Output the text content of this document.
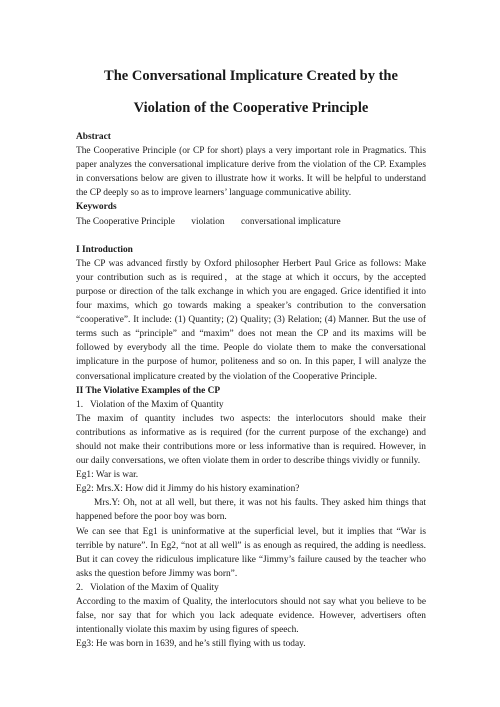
The Conversational Implicature Created by the
Violation of the Cooperative Principle
Abstract

The Cooperative Principle (or CP for short) plays a very important role in Pragmatics. This paper analyzes the conversational implicature derive from the violation of the CP. Examples in conversations below are given to illustrate how it works. It will be helpful to understand the CP deeply so as to improve learners’ language communicative ability.

Keywords
The Cooperative Principle violation conversational implicature
I Introduction

The CP was advanced firstly by Oxford philosopher Herbert Paul Grice as follows: Make your contribution such as is required，at the stage at which it occurs, by the accepted purpose or direction of the talk exchange in which you are engaged. Grice identified it into four maxims, which go towards making a speaker’s contribution to the conversation “cooperative”. It include: (1) Quantity; (2) Quality; (3) Relation; (4) Manner. But the use of terms such as “principle” and “maxim” does not mean the CP and its maxims will be followed by everybody all the time. People do violate them to make the conversational implicature in the purpose of humor, politeness and so on. In this paper, I will analyze the conversational implicature created by the violation of the Cooperative Principle.

II The Violative Examples of the CP
1. Violation of the Maxim of Quantity

The maxim of quantity includes two aspects: the interlocutors should make their contributions as informative as is required (for the current purpose of the exchange) and should not make their contributions more or less informative than is required. However, in our daily conversations, we often violate them in order to describe things vividly or funnily.

Eg1: War is war.
Eg2: Mrs.X: How did it Jimmy do his history examination?

Mrs.Y: Oh, not at all well, but there, it was not his faults. They asked him things that happened before the poor boy was born.

We can see that Eg1 is uninformative at the superficial level, but it implies that “War is terrible by nature”. In Eg2, “not at all well” is as enough as required, the adding is needless. But it can covey the ridiculous implicature like “Jimmy’s failure caused by the teacher who asks the question before Jimmy was born”.

2. Violation of the Maxim of Quality

According to the maxim of Quality, the interlocutors should not say what you believe to be false, nor say that for which you lack adequate evidence. However, advertisers often intentionally violate this maxim by using figures of speech.

Eg3: He was born in 1639, and he’s still flying with us today.
